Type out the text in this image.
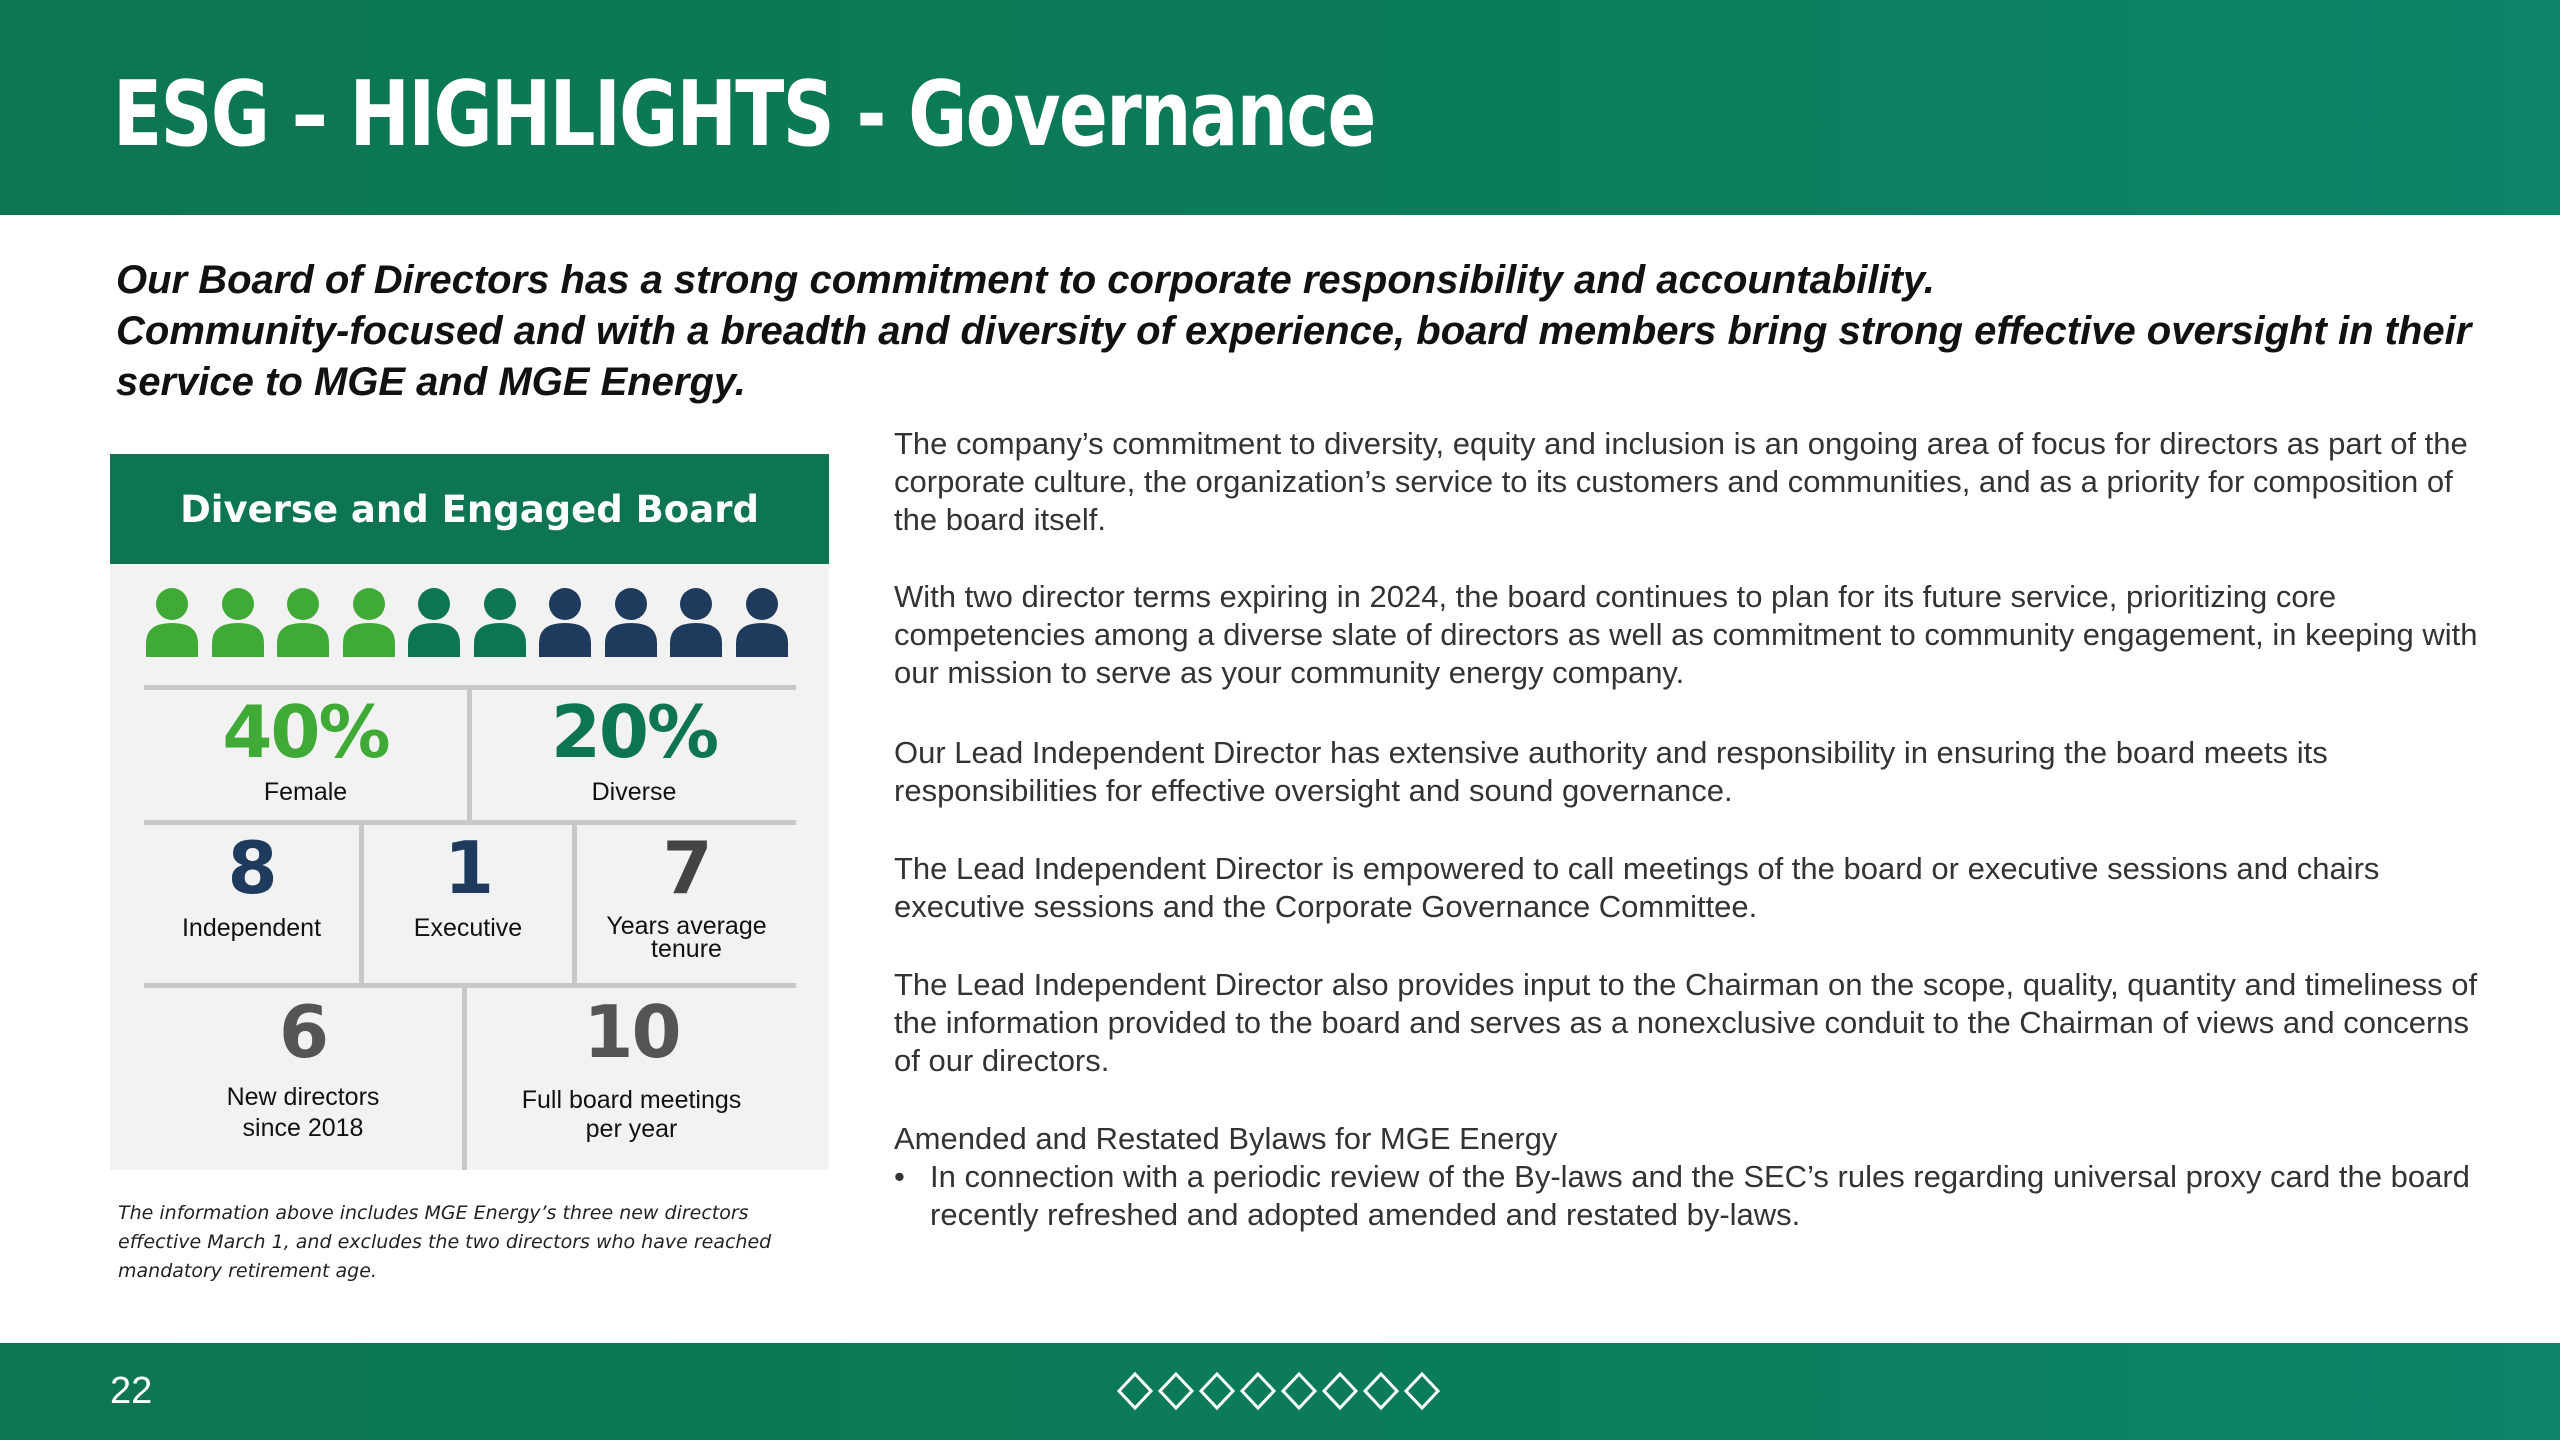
ESG – HIGHLIGHTS - Governance
Our Board of Directors has a strong commitment to corporate responsibility and accountability.
Community-focused and with a breadth and diversity of experience, board members bring strong effective oversight in their
service to MGE and MGE Energy.
Diverse and Engaged Board
40%
Female
20%
Diverse
8
Independent
1
Executive
7
Years average
tenure
6
New directors
since 2018
10
Full board meetings
per year
The information above includes MGE Energy’s three new directors effective March 1, and excludes the two directors who have reached mandatory retirement age.

The company’s commitment to diversity, equity and inclusion is an ongoing area of focus for directors as part of the corporate culture, the organization’s service to its customers and communities, and as a priority for composition of the board itself.

With two director terms expiring in 2024, the board continues to plan for its future service, prioritizing core competencies among a diverse slate of directors as well as commitment to community engagement, in keeping with our mission to serve as your community energy company.

Our Lead Independent Director has extensive authority and responsibility in ensuring the board meets its responsibilities for effective oversight and sound governance.

The Lead Independent Director is empowered to call meetings of the board or executive sessions and chairs executive sessions and the Corporate Governance Committee.

The Lead Independent Director also provides input to the Chairman on the scope, quality, quantity and timeliness of the information provided to the board and serves as a nonexclusive conduit to the Chairman of views and concerns of our directors.

Amended and Restated Bylaws for MGE Energy
• In connection with a periodic review of the By-laws and the SEC’s rules regarding universal proxy card the board recently refreshed and adopted amended and restated by-laws.
22
